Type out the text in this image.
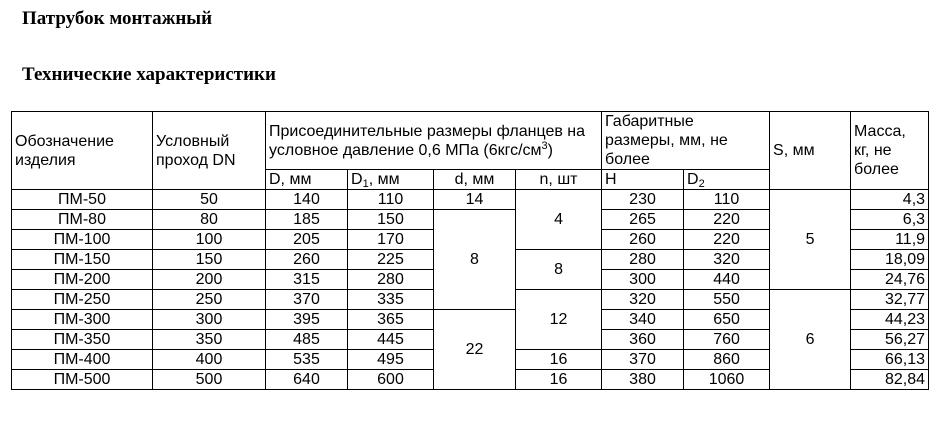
Патрубок монтажный
Технические характеристики
Обозначение изделия	Условный проход DN	Присоединительные размеры фланцев на условное давление 0,6 МПа $(6кгс/см^3)$				Габаритные размеры, мм, не более		S, мм	Масса, кг, не более
		D, мм	$D_1$, мм	d, мм	n, шт	H	$D_2$
ПМ-50	50	140	110	14	4	230	110	5	4,3
ПМ-80	80	185	150	8		265	220		6,3
ПМ-100	100	205	170			260	220		11,9
ПМ-150	150	260	225		8	280	320		18,09
ПМ-200	200	315	280			300	440		24,76
ПМ-250	250	370	335		12	320	550	6	32,77
ПМ-300	300	395	365	22		340	650		44,23
ПМ-350	350	485	445			360	760		56,27
ПМ-400	400	535	495		16	370	860		66,13
ПМ-500	500	640	600		16	380	1060		82,84
